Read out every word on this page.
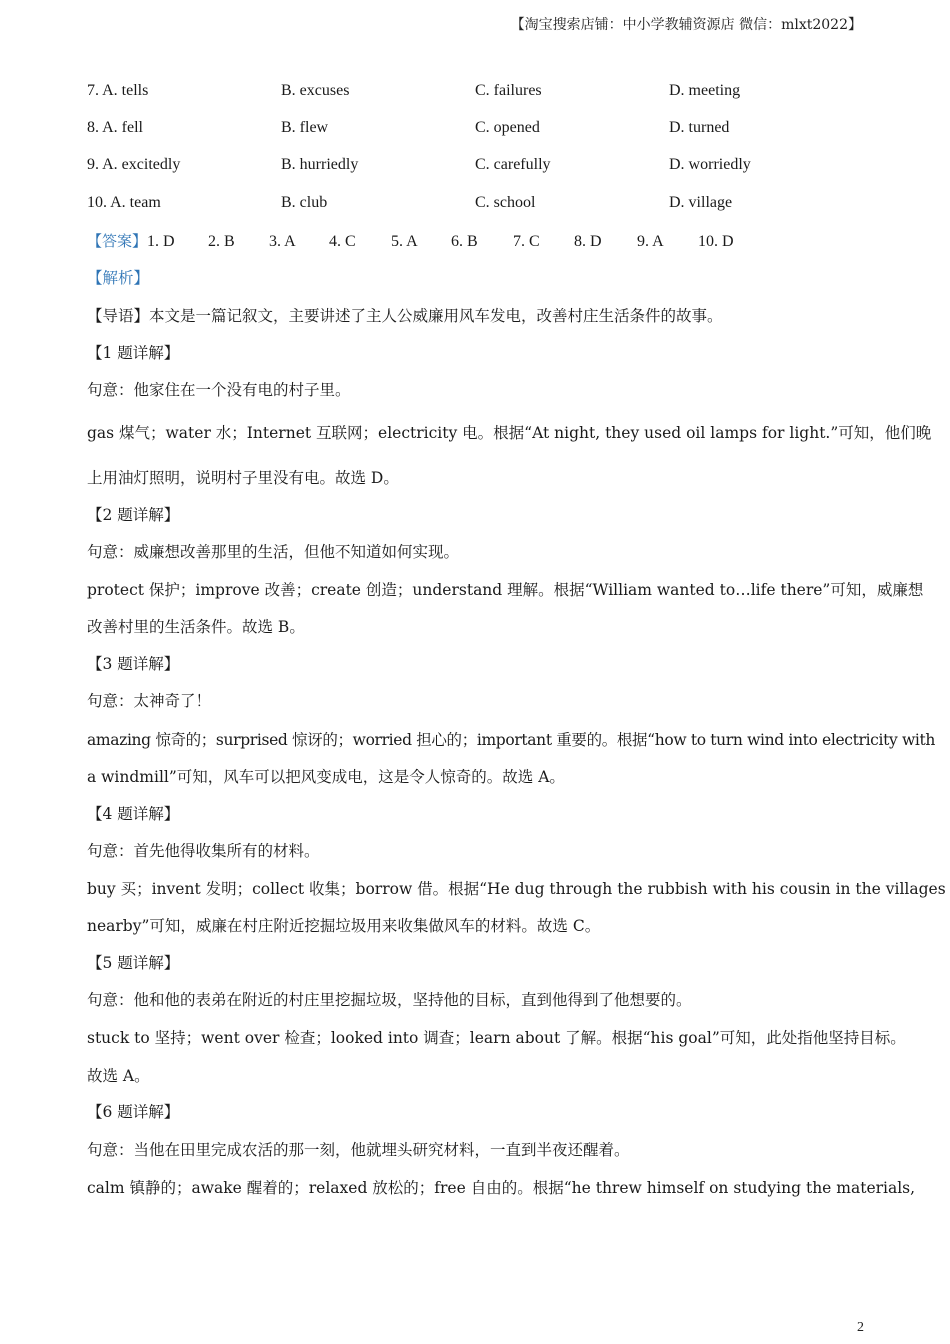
【淘宝搜索店铺：中小学教辅资源店 微信：mlxt2022】
7. A. tells	B. excuses	C. failures	D. meeting
8. A. fell	B. flew	C. opened	D. turned
9. A. excitedly	B. hurriedly	C. carefully	D. worriedly
10. A. team	B. club	C. school	D. village
【答案】1. D 2. B 3. A 4. C 5. A 6. B 7. C 8. D 9. A 10. D
【解析】
【导语】本文是一篇记叙文，主要讲述了主人公威廉用风车发电，改善村庄生活条件的故事。
【1 题详解】
句意：他家住在一个没有电的村子里。
gas 煤气；water 水；Internet 互联网；electricity 电。根据“At night, they used oil lamps for light.”可知，他们晚
上用油灯照明，说明村子里没有电。故选 D。
【2 题详解】
句意：威廉想改善那里的生活，但他不知道如何实现。
protect 保护；improve 改善；create 创造；understand 理解。根据“William wanted to…life there”可知，威廉想
改善村里的生活条件。故选 B。
【3 题详解】
句意：太神奇了！
amazing 惊奇的；surprised 惊讶的；worried 担心的；important 重要的。根据“how to turn wind into electricity with
a windmill”可知，风车可以把风变成电，这是令人惊奇的。故选 A。
【4 题详解】
句意：首先他得收集所有的材料。
buy 买；invent 发明；collect 收集；borrow 借。根据“He dug through the rubbish with his cousin in the villages
nearby”可知，威廉在村庄附近挖掘垃圾用来收集做风车的材料。故选 C。
【5 题详解】
句意：他和他的表弟在附近的村庄里挖掘垃圾，坚持他的目标，直到他得到了他想要的。
stuck to 坚持；went over 检查；looked into 调查；learn about 了解。根据“his goal”可知，此处指他坚持目标。
故选 A。
【6 题详解】
句意：当他在田里完成农活的那一刻，他就埋头研究材料，一直到半夜还醒着。
calm 镇静的；awake 醒着的；relaxed 放松的；free 自由的。根据“he threw himself on studying the materials,
2
